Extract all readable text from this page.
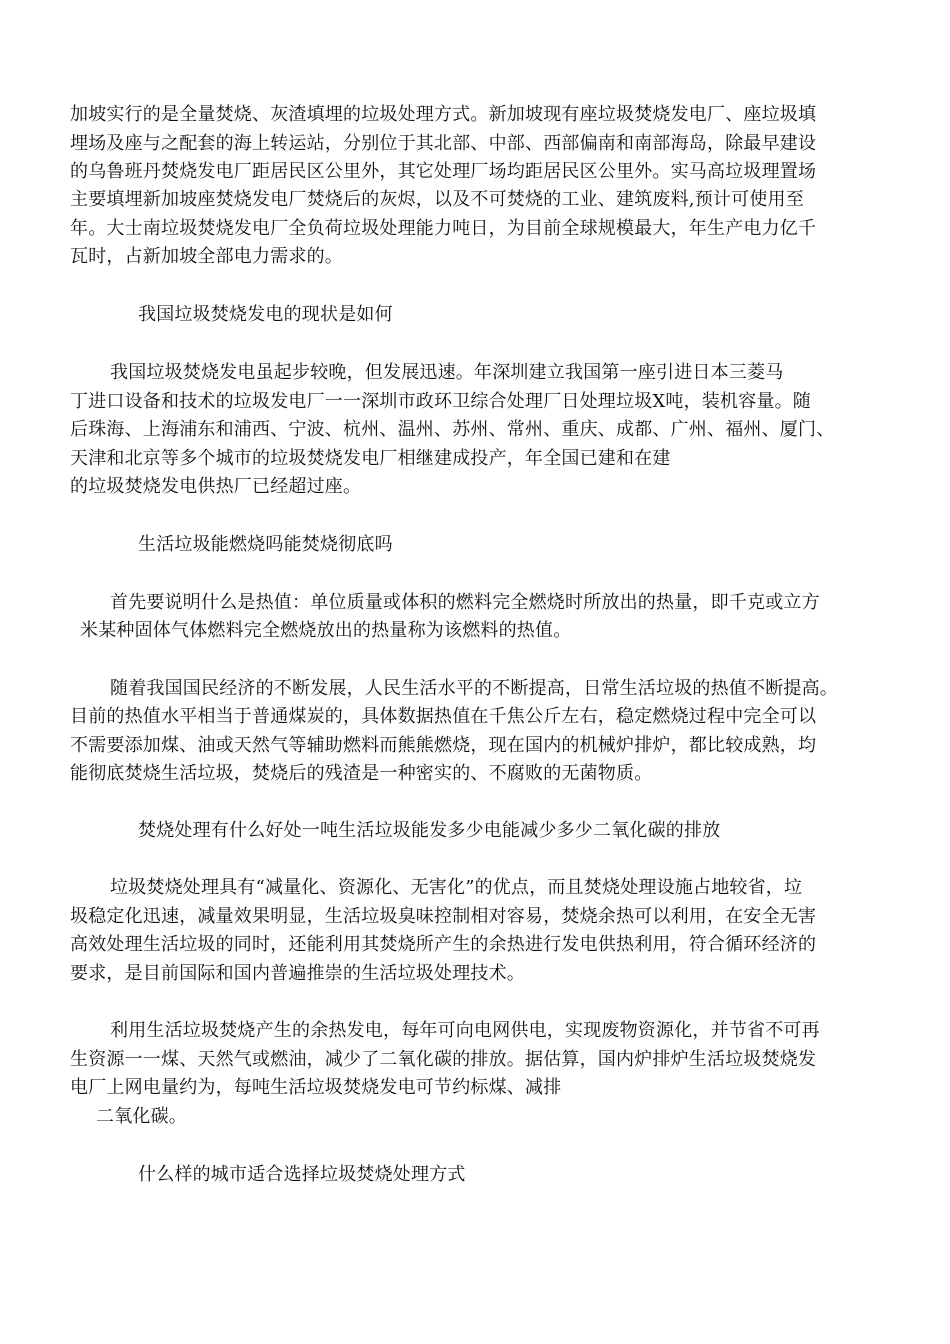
加坡实行的是全量焚烧、灰渣填埋的垃圾处理方式。新加坡现有座垃圾焚烧发电厂、座垃圾填
埋场及座与之配套的海上转运站，分别位于其北部、中部、西部偏南和南部海岛，除最早建设
的乌鲁班丹焚烧发电厂距居民区公里外，其它处理厂场均距居民区公里外。实马高垃圾理置场
主要填埋新加坡座焚烧发电厂焚烧后的灰烬，以及不可焚烧的工业、建筑废料,预计可使用至
年。大士南垃圾焚烧发电厂全负荷垃圾处理能力吨日，为目前全球规模最大，年生产电力亿千
瓦时，占新加坡全部电力需求的。
我国垃圾焚烧发电的现状是如何
我国垃圾焚烧发电虽起步较晚，但发展迅速。年深圳建立我国第一座引进日本三菱马
丁进口设备和技术的垃圾发电厂一一深圳市政环卫综合处理厂日处理垃圾Ⅹ吨，装机容量。随
后珠海、上海浦东和浦西、宁波、杭州、温州、苏州、常州、重庆、成都、广州、福州、厦门、
天津和北京等多个城市的垃圾焚烧发电厂相继建成投产，年全国已建和在建
的垃圾焚烧发电供热厂已经超过座。
生活垃圾能燃烧吗能焚烧彻底吗
首先要说明什么是热值：单位质量或体积的燃料完全燃烧时所放出的热量，即千克或立方
米某种固体气体燃料完全燃烧放出的热量称为该燃料的热值。
随着我国国民经济的不断发展，人民生活水平的不断提高，日常生活垃圾的热值不断提高。
目前的热值水平相当于普通煤炭的，具体数据热值在千焦公斤左右，稳定燃烧过程中完全可以
不需要添加煤、油或天然气等辅助燃料而熊熊燃烧，现在国内的机械炉排炉，都比较成熟，均
能彻底焚烧生活垃圾，焚烧后的残渣是一种密实的、不腐败的无菌物质。
焚烧处理有什么好处一吨生活垃圾能发多少电能减少多少二氧化碳的排放
垃圾焚烧处理具有“减量化、资源化、无害化”的优点，而且焚烧处理设施占地较省，垃
圾稳定化迅速，减量效果明显，生活垃圾臭味控制相对容易，焚烧余热可以利用，在安全无害
高效处理生活垃圾的同时，还能利用其焚烧所产生的余热进行发电供热利用，符合循环经济的
要求，是目前国际和国内普遍推崇的生活垃圾处理技术。
利用生活垃圾焚烧产生的余热发电，每年可向电网供电，实现废物资源化，并节省不可再
生资源一一煤、天然气或燃油，减少了二氧化碳的排放。据估算，国内炉排炉生活垃圾焚烧发
电厂上网电量约为，每吨生活垃圾焚烧发电可节约标煤、减排
二氧化碳。
什么样的城市适合选择垃圾焚烧处理方式
